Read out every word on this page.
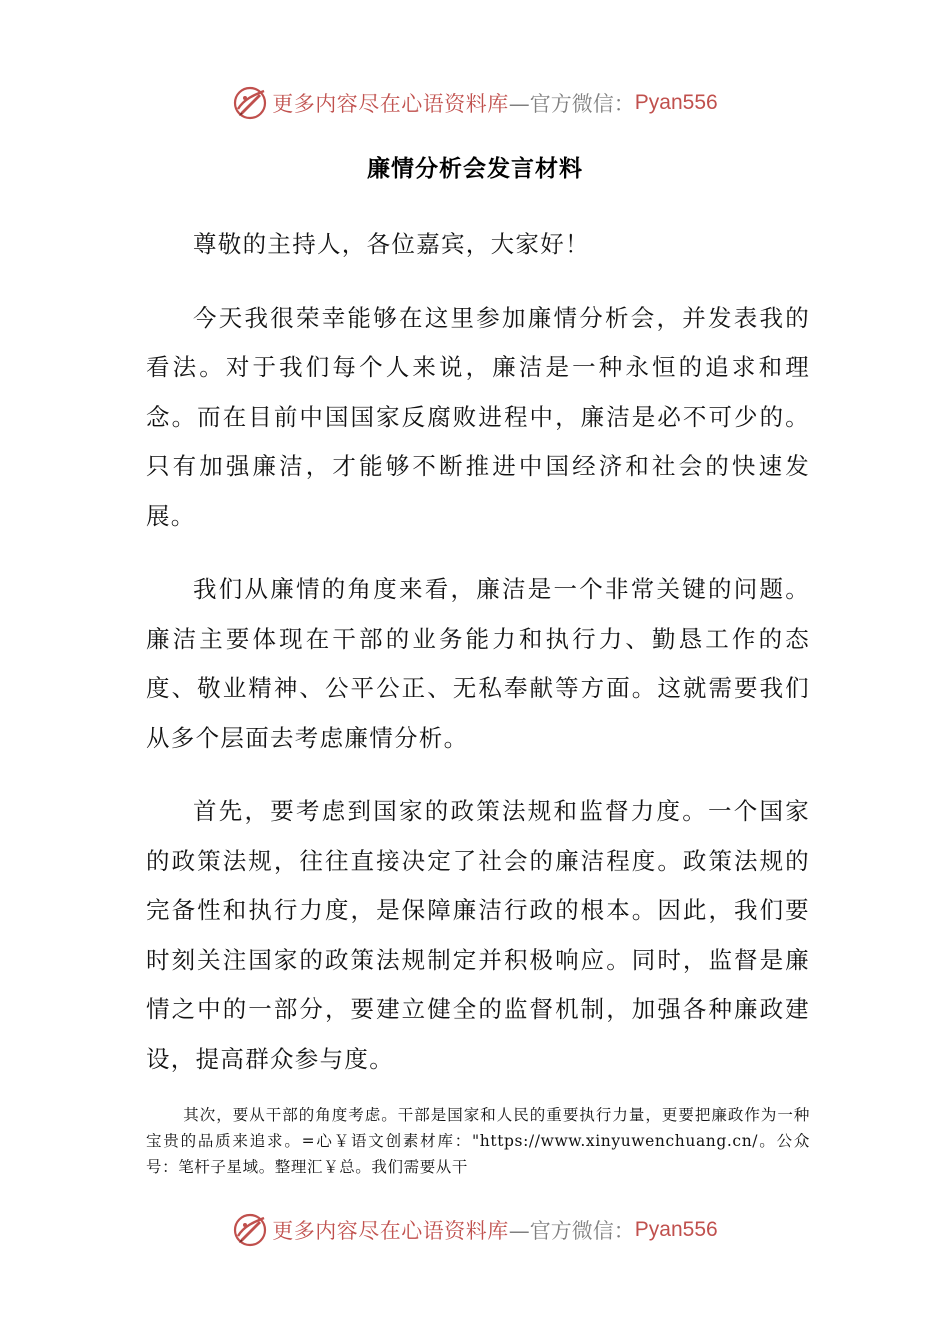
更多内容尽在心语资料库 —官方微信： Pyan556
廉情分析会发言材料

尊敬的主持人，各位嘉宾，大家好！

今天我很荣幸能够在这里参加廉情分析会，并发表我的看法。对于我们每个人来说，廉洁是一种永恒的追求和理念。而在目前中国国家反腐败进程中，廉洁是必不可少的。只有加强廉洁，才能够不断推进中国经济和社会的快速发展。

我们从廉情的角度来看，廉洁是一个非常关键的问题。廉洁主要体现在干部的业务能力和执行力、勤恳工作的态度、敬业精神、公平公正、无私奉献等方面。这就需要我们从多个层面去考虑廉情分析。

首先，要考虑到国家的政策法规和监督力度。一个国家的政策法规，往往直接决定了社会的廉洁程度。政策法规的完备性和执行力度，是保障廉洁行政的根本。因此，我们要时刻关注国家的政策法规制定并积极响应。同时，监督是廉情之中的一部分，要建立健全的监督机制，加强各种廉政建设，提高群众参与度。

其次，要从干部的角度考虑。干部是国家和人民的重要执行力量，更要把廉政作为一种宝贵的品质来追求。=心￥语文创素材库："https://www.xinyuwenchuang.cn/。公众号：笔杆子星域。整理汇￥总。我们需要从干

更多内容尽在心语资料库 —官方微信： Pyan556
